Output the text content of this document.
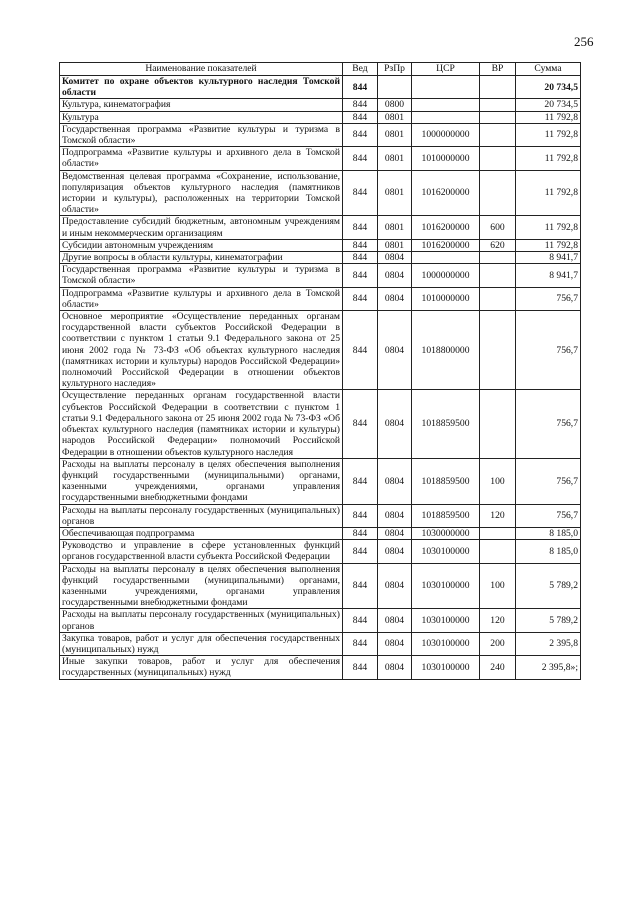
256
Наименование показателей	Вед	РзПр	ЦСР	ВР	Сумма
Комитет по охране объектов культурного наследия Томской области	844				20 734,5
Культура, кинематография	844	0800			20 734,5
Культура	844	0801			11 792,8
Государственная программа «Развитие культуры и туризма в Томской области»	844	0801	1000000000		11 792,8
Подпрограмма «Развитие культуры и архивного дела в Томской области»	844	0801	1010000000		11 792,8
Ведомственная целевая программа «Сохранение, использование, популяризация объектов культурного наследия (памятников истории и культуры), расположенных на территории Томской области»	844	0801	1016200000		11 792,8
Предоставление субсидий бюджетным, автономным учреждениям и иным некоммерческим организациям	844	0801	1016200000	600	11 792,8
Субсидии автономным учреждениям	844	0801	1016200000	620	11 792,8
Другие вопросы в области культуры, кинематографии	844	0804			8 941,7
Государственная программа «Развитие культуры и туризма в Томской области»	844	0804	1000000000		8 941,7
Подпрограмма «Развитие культуры и архивного дела в Томской области»	844	0804	1010000000		756,7
Основное мероприятие «Осуществление переданных органам государственной власти субъектов Российской Федерации в соответствии с пунктом 1 статьи 9.1 Федерального закона от 25 июня 2002 года № 73-ФЗ «Об объектах культурного наследия (памятниках истории и культуры) народов Российской Федерации» полномочий Российской Федерации в отношении объектов культурного наследия»	844	0804	1018800000		756,7
Осуществление переданных органам государственной власти субъектов Российской Федерации в соответствии с пунктом 1 статьи 9.1 Федерального закона от 25 июня 2002 года № 73-ФЗ «Об объектах культурного наследия (памятниках истории и культуры) народов Российской Федерации» полномочий Российской Федерации в отношении объектов культурного наследия	844	0804	1018859500		756,7
Расходы на выплаты персоналу в целях обеспечения выполнения функций государственными (муниципальными) органами, казенными учреждениями, органами управления государственными внебюджетными фондами	844	0804	1018859500	100	756,7
Расходы на выплаты персоналу государственных (муниципальных) органов	844	0804	1018859500	120	756,7
Обеспечивающая подпрограмма	844	0804	1030000000		8 185,0
Руководство и управление в сфере установленных функций органов государственной власти субъекта Российской Федерации	844	0804	1030100000		8 185,0
Расходы на выплаты персоналу в целях обеспечения выполнения функций государственными (муниципальными) органами, казенными учреждениями, органами управления государственными внебюджетными фондами	844	0804	1030100000	100	5 789,2
Расходы на выплаты персоналу государственных (муниципальных) органов	844	0804	1030100000	120	5 789,2
Закупка товаров, работ и услуг для обеспечения государственных (муниципальных) нужд	844	0804	1030100000	200	2 395,8
Иные закупки товаров, работ и услуг для обеспечения государственных (муниципальных) нужд	844	0804	1030100000	240	2 395,8»;
